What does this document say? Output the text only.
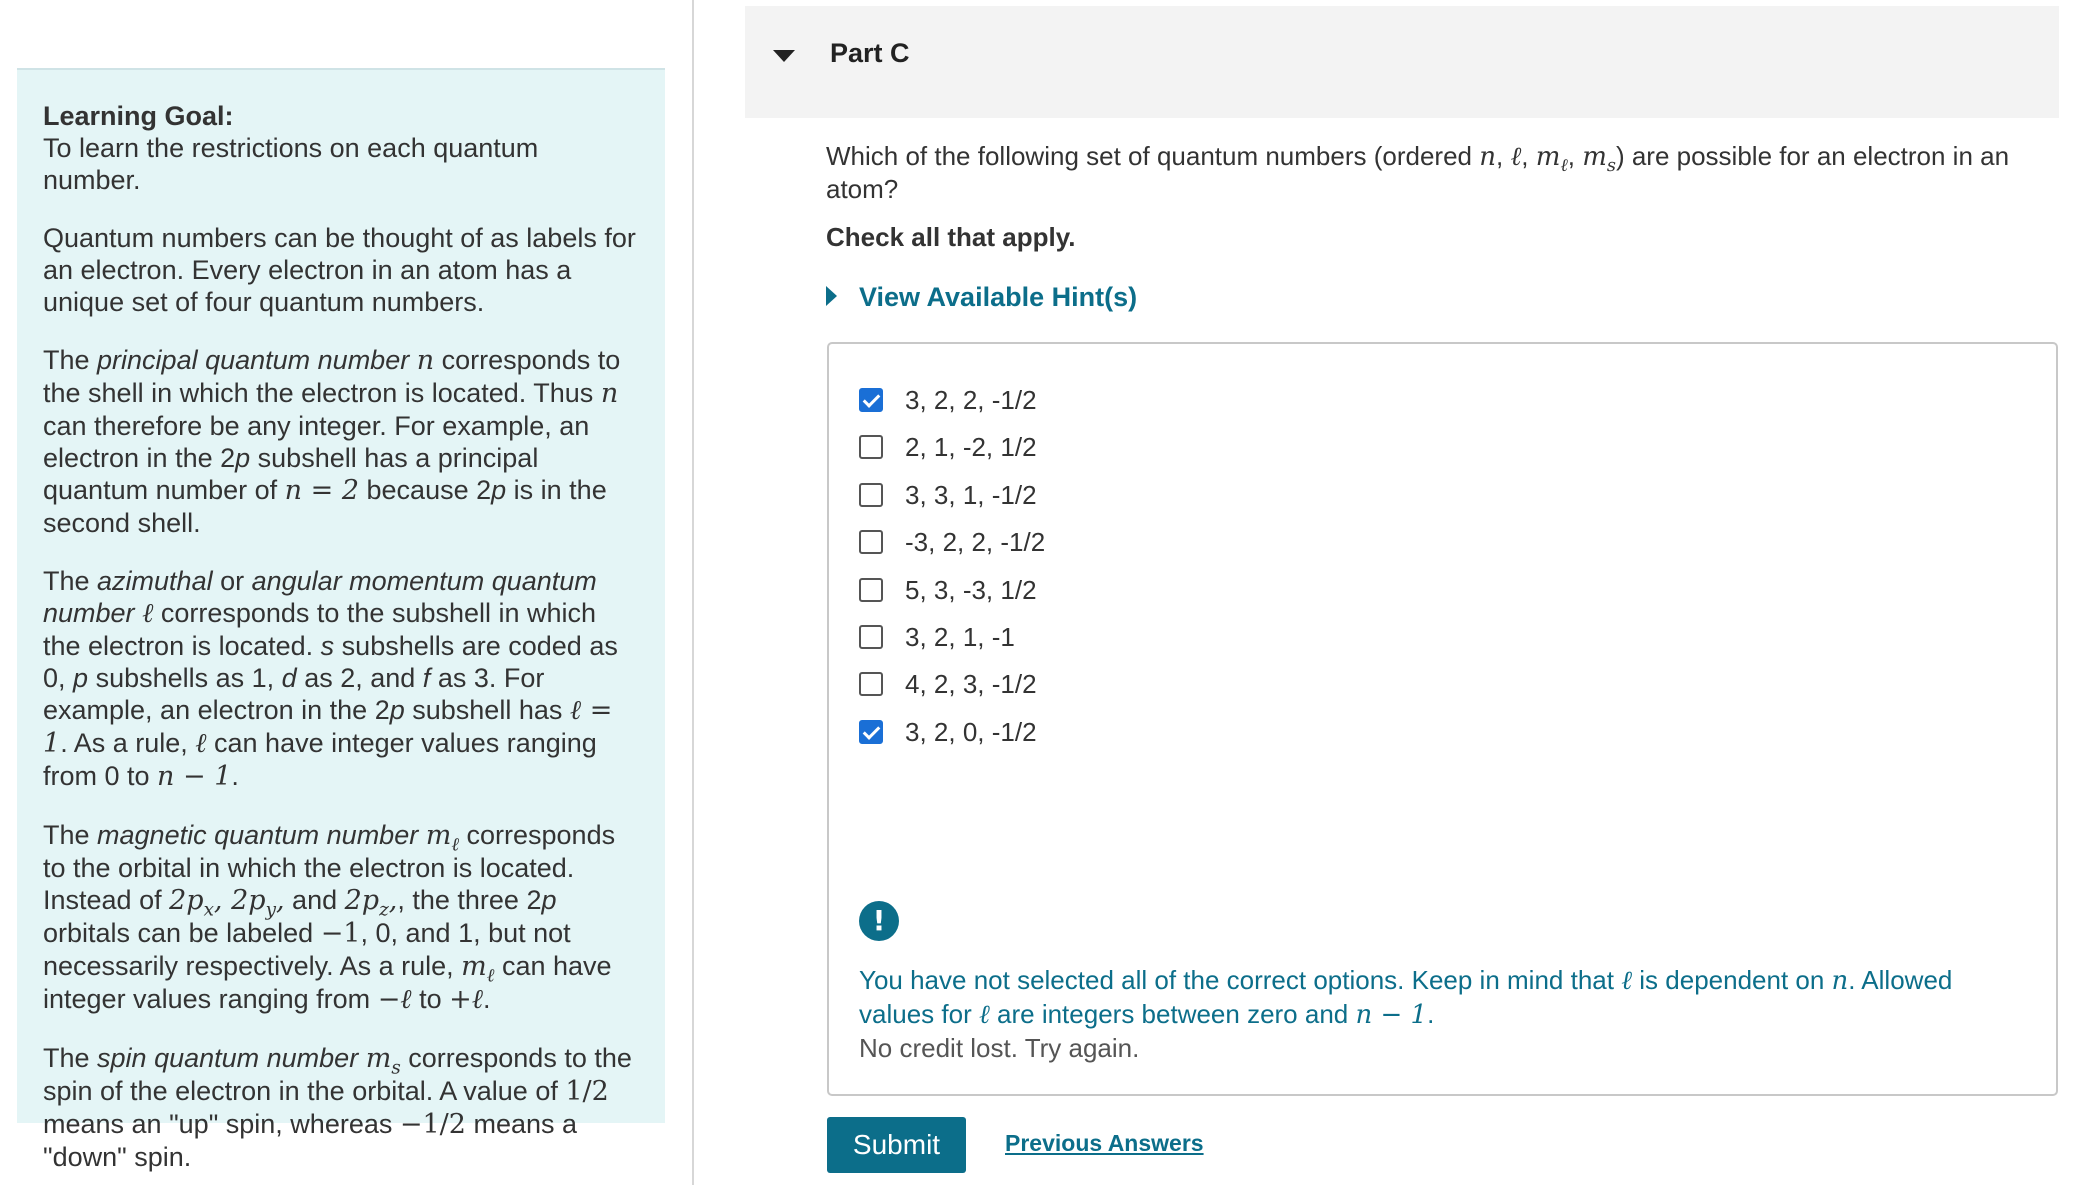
Learning Goal:

To learn the restrictions on each quantum number.

Quantum numbers can be thought of as labels for an electron. Every electron in an atom has a unique set of four quantum numbers.

The principal quantum number n corresponds to the shell in which the electron is located. Thus n can therefore be any integer. For example, an electron in the 2p subshell has a principal quantum number of n = 2 because 2p is in the second shell.

The azimuthal or angular momentum quantum number ℓ corresponds to the subshell in which the electron is located. s subshells are coded as 0, p subshells as 1, d as 2, and f as 3. For example, an electron in the 2p subshell has ℓ = 1. As a rule, ℓ can have integer values ranging from 0 to n − 1.

The magnetic quantum number $m_\ell$ corresponds to the orbital in which the electron is located. Instead of $2p_x$, $2p_y$, and $2p_z$,, the three 2p orbitals can be labeled −1, 0, and 1, but not necessarily respectively. As a rule, $m_\ell$ can have integer values ranging from −ℓ to +ℓ.

The spin quantum number $m_s$ corresponds to the spin of the electron in the orbital. A value of 1/2 means an "up" spin, whereas −1/2 means a "down" spin.

Part C
Which of the following set of quantum numbers (ordered n, ℓ, $m_\ell$, $m_s$) are possible for an electron in an atom?
Check all that apply.
View Available Hint(s)
3, 2, 2, -1/2
2, 1, -2, 1/2
3, 3, 1, -1/2
-3, 2, 2, -1/2
5, 3, -3, 1/2
3, 2, 1, -1
4, 2, 3, -1/2
3, 2, 0, -1/2
!
You have not selected all of the correct options. Keep in mind that ℓ is dependent on n. Allowed values for ℓ are integers between zero and n − 1.
No credit lost. Try again.
Submit	Previous Answers
